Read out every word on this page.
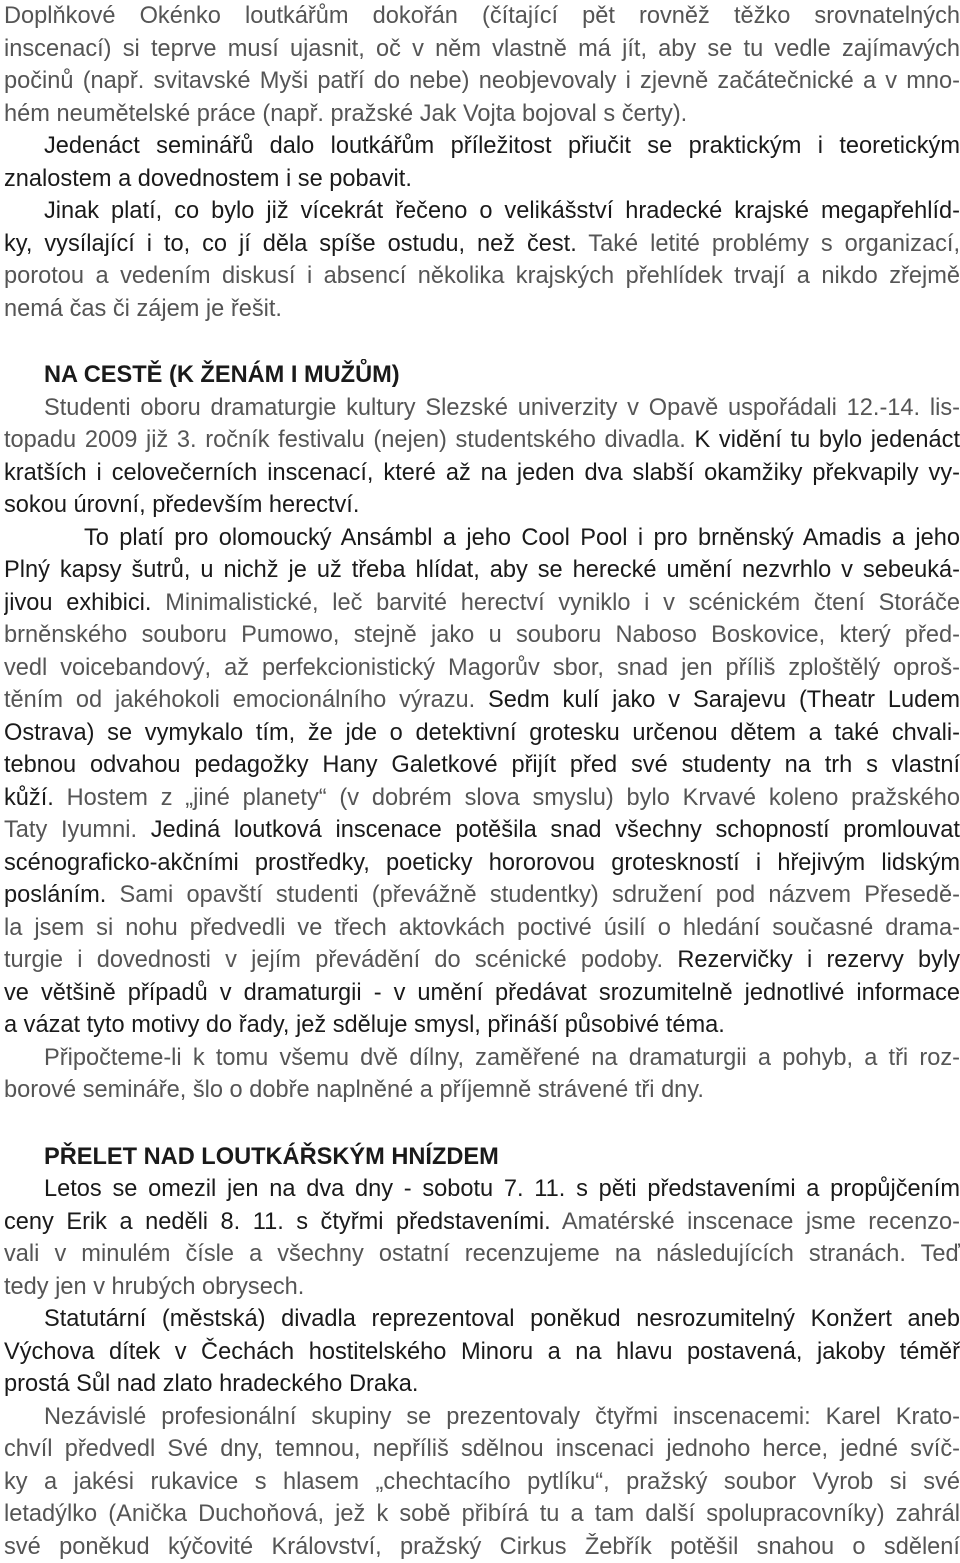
Doplňkové Okénko loutkářům dokořán (čítající pět rovněž těžko srovnatelných
inscenací) si teprve musí ujasnit, oč v něm vlastně má jít, aby se tu vedle zajímavých
počinů (např. svitavské Myši patří do nebe) neobjevovaly i zjevně začátečnické a v mno-
hém neumětelské práce (např. pražské Jak Vojta bojoval s čerty).
Jedenáct seminářů dalo loutkářům příležitost přiučit se praktickým i teoretickým
znalostem a dovednostem i se pobavit.
Jinak platí, co bylo již vícekrát řečeno o velikášství hradecké krajské megapřehlíd-
ky, vysílající i to, co jí děla spíše ostudu, než čest. Také letité problémy s organizací,
porotou a vedením diskusí i absencí několika krajských přehlídek trvají a nikdo zřejmě
nemá čas či zájem je řešit.
NA CESTĚ (K ŽENÁM I MUŽŮM)
Studenti oboru dramaturgie kultury Slezské univerzity v Opavě uspořádali 12.-14. lis-
topadu 2009 již 3. ročník festivalu (nejen) studentského divadla. K vidění tu bylo jedenáct
kratších i celovečerních inscenací, které až na jeden dva slabší okamžiky překvapily vy-
sokou úrovní, především herectví.
To platí pro olomoucký Ansámbl a jeho Cool Pool i pro brněnský Amadis a jeho
Plný kapsy šutrů, u nichž je už třeba hlídat, aby se herecké umění nezvrhlo v sebeuká-
jivou exhibici. Minimalistické, leč barvité herectví vyniklo i v scénickém čtení Storáče
brněnského souboru Pumowo, stejně jako u souboru Naboso Boskovice, který před-
vedl voicebandový, až perfekcionistický Magorův sbor, snad jen příliš zploštělý oproš-
těním od jakéhokoli emocionálního výrazu. Sedm kulí jako v Sarajevu (Theatr Ludem
Ostrava) se vymykalo tím, že jde o detektivní grotesku určenou dětem a také chvali-
tebnou odvahou pedagožky Hany Galetkové přijít před své studenty na trh s vlastní
kůží. Hostem z „jiné planety“ (v dobrém slova smyslu) bylo Krvavé koleno pražského
Taty Iyumni. Jediná loutková inscenace potěšila snad všechny schopností promlouvat
scénograficko-akčními prostředky, poeticky hororovou groteskností i hřejivým lidským
posláním. Sami opavští studenti (převážně studentky) sdružení pod názvem Přesedě-
la jsem si nohu předvedli ve třech aktovkách poctivé úsilí o hledání současné drama-
turgie i dovednosti v jejím převádění do scénické podoby. Rezervičky i rezervy byly
ve většině případů v dramaturgii - v umění předávat srozumitelně jednotlivé informace
a vázat tyto motivy do řady, jež sděluje smysl, přináší působivé téma.
Připočteme-li k tomu všemu dvě dílny, zaměřené na dramaturgii a pohyb, a tři roz-
borové semináře, šlo o dobře naplněné a příjemně strávené tři dny.
PŘELET NAD LOUTKÁŘSKÝM HNÍZDEM
Letos se omezil jen na dva dny - sobotu 7. 11. s pěti představeními a propůjčením
ceny Erik a neděli 8. 11. s čtyřmi představeními. Amatérské inscenace jsme recenzo-
vali v minulém čísle a všechny ostatní recenzujeme na následujících stranách. Teď
tedy jen v hrubých obrysech.
Statutární (městská) divadla reprezentoval poněkud nesrozumitelný Konžert aneb
Výchova dítek v Čechách hostitelského Minoru a na hlavu postavená, jakoby téměř
prostá Sůl nad zlato hradeckého Draka.
Nezávislé profesionální skupiny se prezentovaly čtyřmi inscenacemi: Karel Krato-
chvíl předvedl Své dny, temnou, nepříliš sdělnou inscenaci jednoho herce, jedné svíč-
ky a jakési rukavice s hlasem „chechtacího pytlíku“, pražský soubor Vyrob si své
letadýlko (Anička Duchoňová, jež k sobě přibírá tu a tam další spolupracovníky) zahrál
své poněkud kýčovité Království, pražský Cirkus Žebřík potěšil snahou o sdělení
